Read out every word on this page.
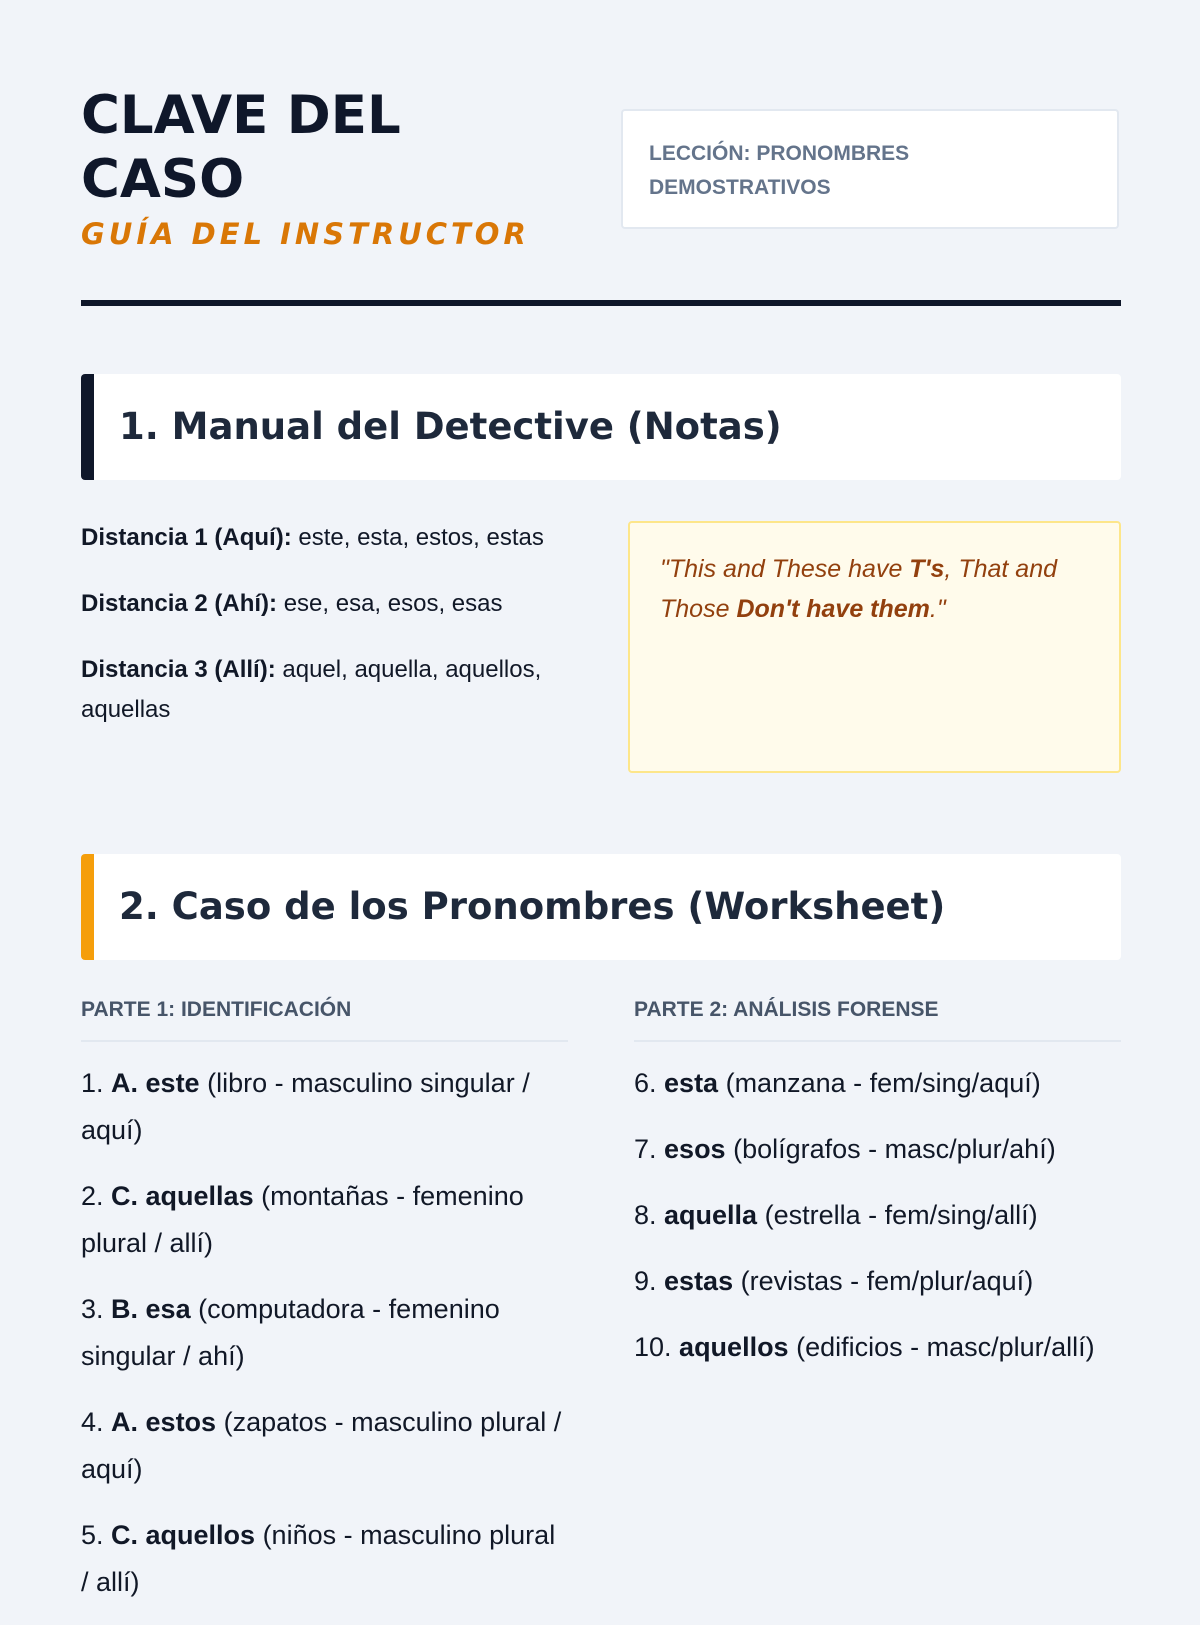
CLAVE DEL CASO
GUÍA DEL INSTRUCTOR
LECCIÓN: PRONOMBRES DEMOSTRATIVOS
1. Manual del Detective (Notas)

Distancia 1 (Aquí): este, esta, estos, estas

Distancia 2 (Ahí): ese, esa, esos, esas

Distancia 3 (Allí): aquel, aquella, aquellos, aquellas

"This and These have T's, That and Those Don't have them."
2. Caso de los Pronombres (Worksheet)
PARTE 1: IDENTIFICACIÓN
1. A. este (libro - masculino singular / aquí)
2. C. aquellas (montañas - femenino plural / allí)
3. B. esa (computadora - femenino singular / ahí)
4. A. estos (zapatos - masculino plural / aquí)
5. C. aquellos (niños - masculino plural / allí)
PARTE 2: ANÁLISIS FORENSE
6. esta (manzana - fem/sing/aquí)
7. esos (bolígrafos - masc/plur/ahí)
8. aquella (estrella - fem/sing/allí)
9. estas (revistas - fem/plur/aquí)
10. aquellos (edificios - masc/plur/allí)
